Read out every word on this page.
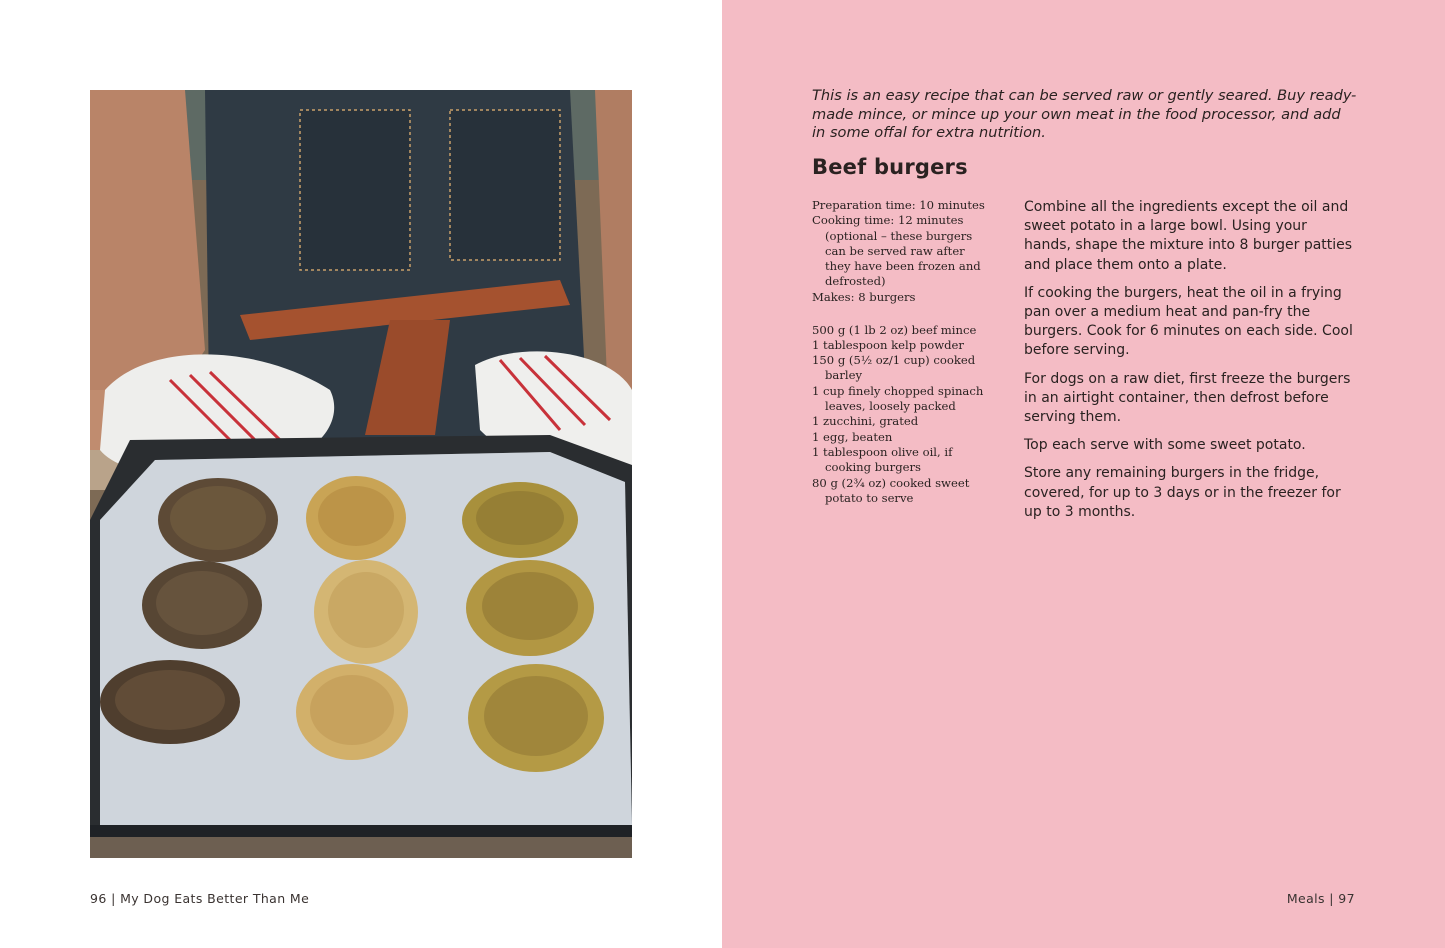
96 | My Dog Eats Better Than Me
This is an easy recipe that can be served raw or gently seared. Buy ready-made mince, or mince up your own meat in the food processor, and add in some offal for extra nutrition.
Beef burgers
Preparation time: 10 minutes
Cooking time: 12 minutes
(optional – these burgers
can be served raw after
they have been frozen and
defrosted)
Makes: 8 burgers
500 g (1 lb 2 oz) beef mince
1 tablespoon kelp powder
150 g (5½ oz/1 cup) cooked
barley
1 cup finely chopped spinach
leaves, loosely packed
1 zucchini, grated
1 egg, beaten
1 tablespoon olive oil, if
cooking burgers
80 g (2¾ oz) cooked sweet
potato to serve

Combine all the ingredients except the oil and sweet potato in a large bowl. Using your hands, shape the mixture into 8 burger patties and place them onto a plate.

If cooking the burgers, heat the oil in a frying pan over a medium heat and pan-fry the burgers. Cook for 6 minutes on each side. Cool before serving.

For dogs on a raw diet, first freeze the burgers in an airtight container, then defrost before serving them.

Top each serve with some sweet potato.

Store any remaining burgers in the fridge, covered, for up to 3 days or in the freezer for up to 3 months.

Meals | 97
